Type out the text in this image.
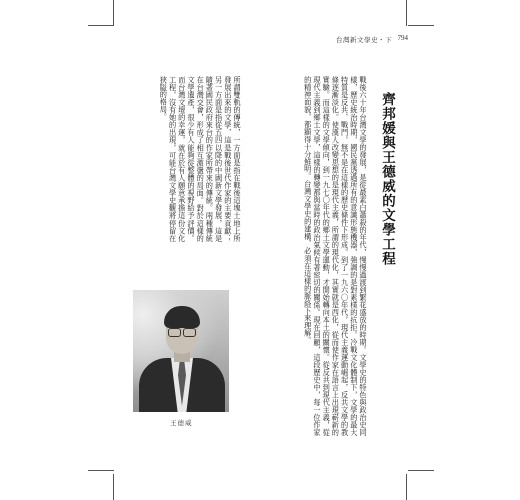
台灣新文學史・下 794
齊邦媛與王德威的文學工程

戰後六十年台灣文學的發展，是從最素白蕭殺的年代，慢慢過渡到繁花盛放的時期。文學史的特色與政治史同樣，歷史統治時期，國民黨透過所有的意識形態機器，強調的是對素樸的抗拒。冷戰文化體制下，文學的最大特質是反共、戰鬥，無不是在這樣的歷史條件下形成。到了一九六〇年代，現代主義運動崛起，反共文學的教條逐漸淡化。使漢人改變思想的是現代主義，所謂的現代化，其實就是西化，從而使作家在語言上出現嶄新的實驗。而這樣的文學傾向，到一九七〇年代的鄉土文學運動，才開始轉向本土的關懷。從反共到現代主義，從現代主義到鄉土文學，這樣的轉變都與當時的政治氣候有著密切的關係。現在回顧，這段歷史中，每一位作家的精神面貌，都顯得十分鮮明。台灣文學史的建構，必須在這樣的脈絡下來理解。

所謂雙軌的傳統，一方面是指在戰後這塊土地上所發展出來的文學，這是戰後世代作家的主要貢獻；另一方面是指從五四以降的中國新文學發展，這是隨著國民政府來台的作家所帶來的傳統。兩種傳統在台灣交會，形成了相互激盪的局面。對於這樣的文學遺產，很少有人能夠從整體的視野給予評價。而台灣文壇的幸運，就在於有人願意承擔這份文化工程，沒有她的出現，可能台灣文學史觀將停留在狹隘的格局。

王德威
